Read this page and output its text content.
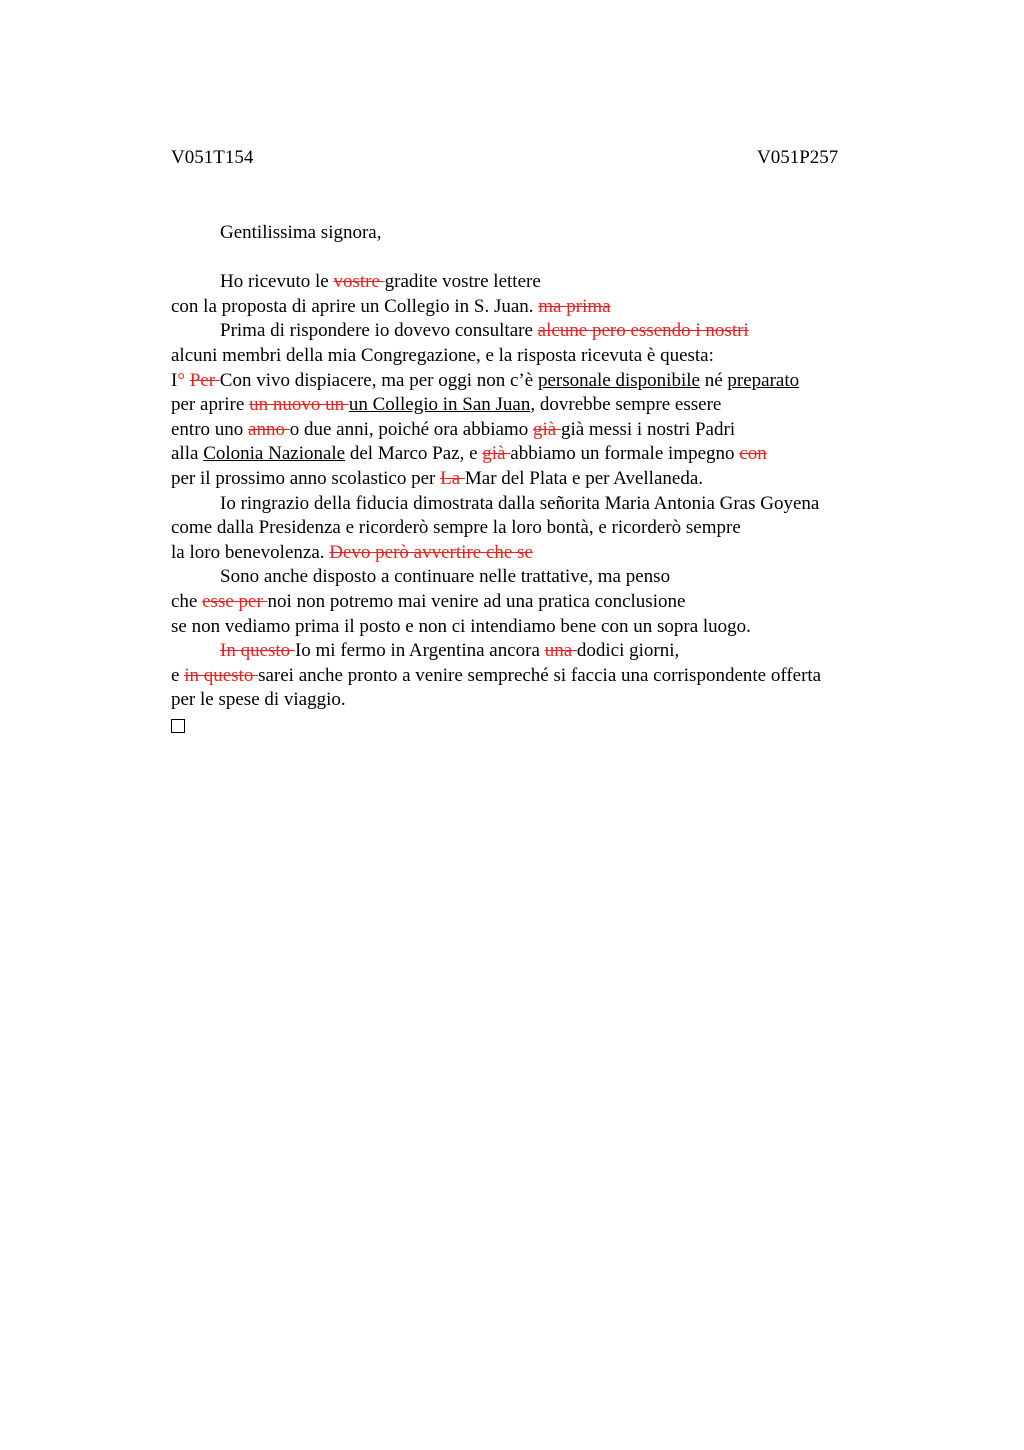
V051T154	V051P257
Gentilissima signora,
Ho ricevuto le vostre gradite vostre lettere
con la proposta di aprire un Collegio in S. Juan. ma prima
Prima di rispondere io dovevo consultare alcune pero essendo i nostri
alcuni membri della mia Congregazione, e la risposta ricevuta è questa:
I° Per Con vivo dispiacere, ma per oggi non c’è personale disponibile né preparato
per aprire un nuovo un un Collegio in San Juan, dovrebbe sempre essere
entro uno anno o due anni, poiché ora abbiamo già già messi i nostri Padri
alla Colonia Nazionale del Marco Paz, e già abbiamo un formale impegno con
per il prossimo anno scolastico per La Mar del Plata e per Avellaneda.
Io ringrazio della fiducia dimostrata dalla señorita Maria Antonia Gras Goyena
come dalla Presidenza e ricorderò sempre la loro bontà, e ricorderò sempre
la loro benevolenza. Devo però avvertire che se
Sono anche disposto a continuare nelle trattative, ma penso
che esse per noi non potremo mai venire ad una pratica conclusione
se non vediamo prima il posto e non ci intendiamo bene con un sopra luogo.
In questo Io mi fermo in Argentina ancora una dodici giorni,
e in questo sarei anche pronto a venire sempreché si faccia una corrispondente offerta
per le spese di viaggio.
